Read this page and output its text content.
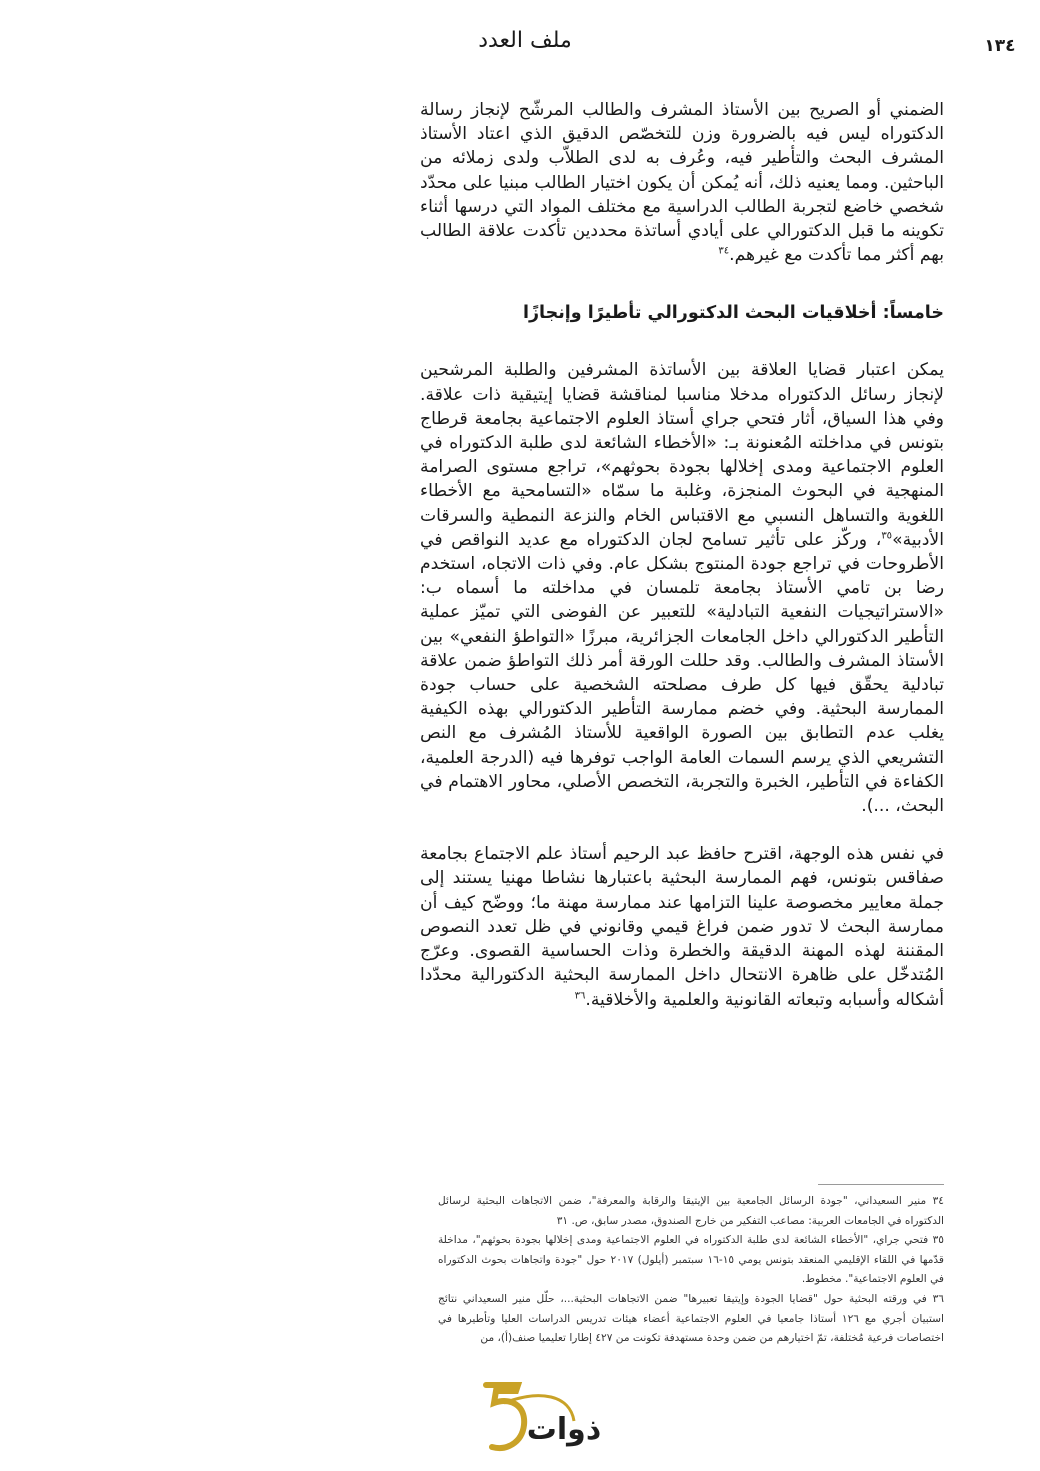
١٣٤
ملف العدد

الضمني أو الصريح بين الأستاذ المشرف والطالب المرشّح لإنجاز رسالة الدكتوراه ليس فيه بالضرورة وزن للتخصّص الدقيق الذي اعتاد الأستاذ المشرف البحث والتأطير فيه، وعُرف به لدى الطلاّب ولدى زملائه من الباحثين. ومما يعنيه ذلك، أنه يُمكن أن يكون اختيار الطالب مبنيا على محدّد شخصي خاضع لتجربة الطالب الدراسية مع مختلف المواد التي درسها أثناء تكوينه ما قبل الدكتورالي على أيادي أساتذة محددين تأكدت علاقة الطالب بهم أكثر مما تأكدت مع غيرهم.$^{٣٤}$

خامساً: أخلاقيات البحث الدكتورالي تأطيرًا وإنجازًا

يمكن اعتبار قضايا العلاقة بين الأساتذة المشرفين والطلبة المرشحين لإنجاز رسائل الدكتوراه مدخلا مناسبا لمناقشة قضايا إيتيقية ذات علاقة. وفي هذا السياق، أثار فتحي جراي أستاذ العلوم الاجتماعية بجامعة قرطاج بتونس في مداخلته المُعنونة بـ: «الأخطاء الشائعة لدى طلبة الدكتوراه في العلوم الاجتماعية ومدى إخلالها بجودة بحوثهم»، تراجع مستوى الصرامة المنهجية في البحوث المنجزة، وغلبة ما سمّاه «التسامحية مع الأخطاء اللغوية والتساهل النسبي مع الاقتباس الخام والنزعة النمطية والسرقات الأدبية»$^{٣٥}$، وركّز على تأثير تسامح لجان الدكتوراه مع عديد النواقص في الأطروحات في تراجع جودة المنتوج بشكل عام. وفي ذات الاتجاه، استخدم رضا بن تامي الأستاذ بجامعة تلمسان في مداخلته ما أسماه ب: «الاستراتيجيات النفعية التبادلية» للتعبير عن الفوضى التي تميّز عملية التأطير الدكتورالي داخل الجامعات الجزائرية، مبرزًا «التواطؤ النفعي» بين الأستاذ المشرف والطالب. وقد حللت الورقة أمر ذلك التواطؤ ضمن علاقة تبادلية يحقّق فيها كل طرف مصلحته الشخصية على حساب جودة الممارسة البحثية. وفي خضم ممارسة التأطير الدكتورالي بهذه الكيفية يغلب عدم التطابق بين الصورة الواقعية للأستاذ المُشرف مع النص التشريعي الذي يرسم السمات العامة الواجب توفرها فيه (الدرجة العلمية، الكفاءة في التأطير، الخبرة والتجربة، التخصص الأصلي، محاور الاهتمام في البحث، ...).

في نفس هذه الوجهة، اقترح حافظ عبد الرحيم أستاذ علم الاجتماع بجامعة صفاقس بتونس، فهم الممارسة البحثية باعتبارها نشاطا مهنيا يستند إلى جملة معايير مخصوصة علينا التزامها عند ممارسة مهنة ما؛ ووضّح كيف أن ممارسة البحث لا تدور ضمن فراغ قيمي وقانوني في ظل تعدد النصوص المقننة لهذه المهنة الدقيقة والخطرة وذات الحساسية القصوى. وعرّج المُتدخّل على ظاهرة الانتحال داخل الممارسة البحثية الدكتورالية محدّدا أشكاله وأسبابه وتبعاته القانونية والعلمية والأخلاقية.$^{٣٦}$

٣٤ منير السعيداني، "جودة الرسائل الجامعية بين الإيتيقا والرقابة والمعرفة"، ضمن الاتجاهات البحثية لرسائل الدكتوراه في الجامعات العربية: مصاعب التفكير من خارج الصندوق، مصدر سابق، ص. ٣١

٣٥ فتحي جراي، "الأخطاء الشائعة لدى طلبة الدكتوراه في العلوم الاجتماعية ومدى إخلالها بجودة بحوثهم"، مداخلة قدّمها في اللقاء الإقليمي المنعقد بتونس يومي ١٥-١٦ سبتمبر (أيلول) ٢٠١٧ حول "جودة واتجاهات بحوث الدكتوراه في العلوم الاجتماعية". مخطوط.

٣٦ في ورقته البحثية حول "قضايا الجودة وإيتيقا تعبيرها" ضمن الاتجاهات البحثية...، حلّل منير السعيداني نتائج استبيان أجري مع ١٢٦ أستاذا جامعيا في العلوم الاجتماعية أعضاء هيئات تدريس الدراسات العليا وتأطيرها في اختصاصات فرعية مُختلفة، تمّ اختيارهم من ضمن وحدة مستهدفة تكونت من ٤٢٧ إطارا تعليميا صنف(أ)، من

ذوات
